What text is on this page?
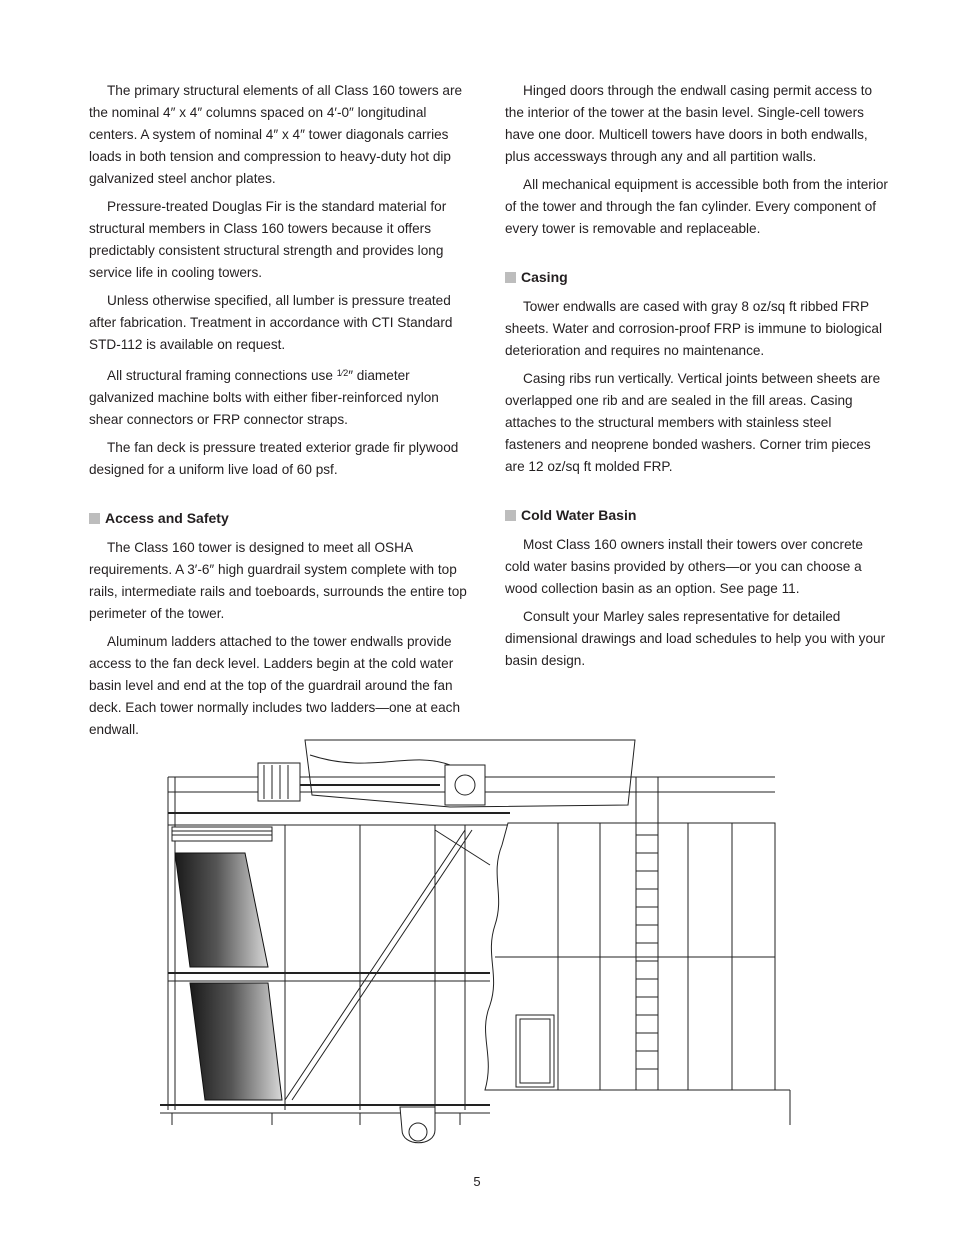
The primary structural elements of all Class 160 towers are the nominal 4″ x 4″ columns spaced on 4′-0″ longitudinal centers. A system of nominal 4″ x 4″ tower diagonals carries loads in both tension and compression to heavy-duty hot dip galvanized steel anchor plates.

Pressure-treated Douglas Fir is the standard material for structural members in Class 160 towers because it offers predictably consistent structural strength and provides long service life in cooling towers.

Unless otherwise specified, all lumber is pressure treated after fabrication. Treatment in accordance with CTI Standard STD-112 is available on request.

All structural framing connections use $^{1⁄2}$″ diameter galvanized machine bolts with either fiber-reinforced nylon shear connectors or FRP connector straps.

The fan deck is pressure treated exterior grade fir plywood designed for a uniform live load of 60 psf.

Access and Safety

The Class 160 tower is designed to meet all OSHA requirements. A 3′-6″ high guardrail system complete with top rails, intermediate rails and toeboards, surrounds the entire top perimeter of the tower.

Aluminum ladders attached to the tower endwalls provide access to the fan deck level. Ladders begin at the cold water basin level and end at the top of the guardrail around the fan deck. Each tower normally includes two ladders—one at each endwall.

Hinged doors through the endwall casing permit access to the interior of the tower at the basin level. Single-cell towers have one door. Multicell towers have doors in both endwalls, plus accessways through any and all partition walls.

All mechanical equipment is accessible both from the interior of the tower and through the fan cylinder. Every component of every tower is removable and replaceable.

Casing

Tower endwalls are cased with gray 8 oz/sq ft ribbed FRP sheets. Water and corrosion-proof FRP is immune to biological deterioration and requires no maintenance.

Casing ribs run vertically. Vertical joints between sheets are overlapped one rib and are sealed in the fill areas. Casing attaches to the structural members with stainless steel fasteners and neoprene bonded washers. Corner trim pieces are 12 oz/sq ft molded FRP.

Cold Water Basin

Most Class 160 owners install their towers over concrete cold water basins provided by others—or you can choose a wood collection basin as an option. See page 11.

Consult your Marley sales representative for detailed dimensional drawings and load schedules to help you with your basin design.

5
